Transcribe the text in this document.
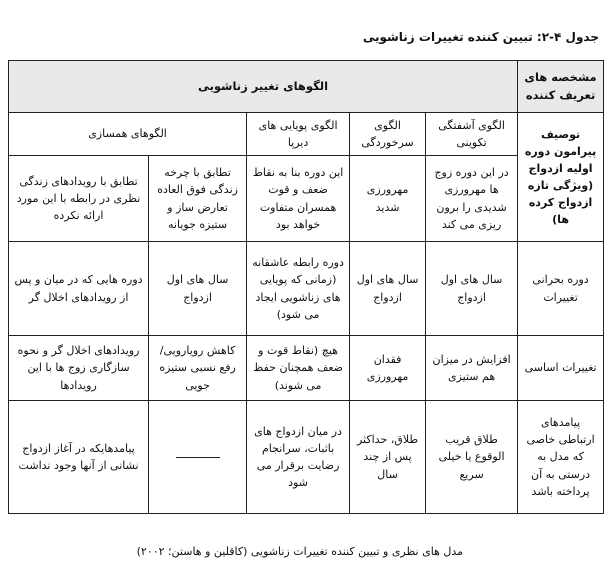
جدول ۴-۲: تبیین کننده تغییرات زناشویی
مشخصه های تعریف کننده	الگوهای تغییر زناشویی				
توصیف پیرامون دوره اولیه ازدواج (ویژگی تازه ازدواج کرده ها)	الگوی آشفتگی تکوینی	الگوی سرخوردگی	الگوی پویایی های دیرپا	الگوهای همسازی	
	در این دوره زوج ها مهرورزی شدیدی را برون ریزی می کند	مهرورزی شدید	این دوره بنا به نقاط ضعف و قوت همسران متفاوت خواهد بود	تطابق با چرخه زندگی فوق العاده تعارض ساز و ستیزه جویانه	تطابق با رویدادهای زندگی نظری در رابطه با این مورد ارائه نکرده
دوره بحرانی تغییرات	سال های اول ازدواج	سال های اول ازدواج	دوره رابطه عاشقانه (زمانی که پویایی های زناشویی ایجاد می شود)	سال های اول ازدواج	دوره هایی که در میان و پس از رویدادهای اخلال گر
تغییرات اساسی	افزایش در میزان هم ستیزی	فقدان مهرورزی	هیچ (نقاط قوت و ضعف همچنان حفظ می شوند)	کاهش رویارویی/ رفع نسبی ستیزه جویی	رویدادهای اخلال گر و نحوه سازگاری زوج ها با این رویدادها
پیامدهای ارتباطی خاصی که مدل به درستی به آن پرداخته باشد	طلاق قریب الوقوع یا خیلی سریع	طلاق، حداکثر پس از چند سال	در میان ازدواج های باثبات، سرانجام رضایت برقرار می شود		پیامدهایکه در آغاز ازدواج نشانی از آنها وجود نداشت
مدل های نظری و تبیین کننده تغییرات زناشویی (کاقلین و هاستن؛ ۲۰۰۲)
